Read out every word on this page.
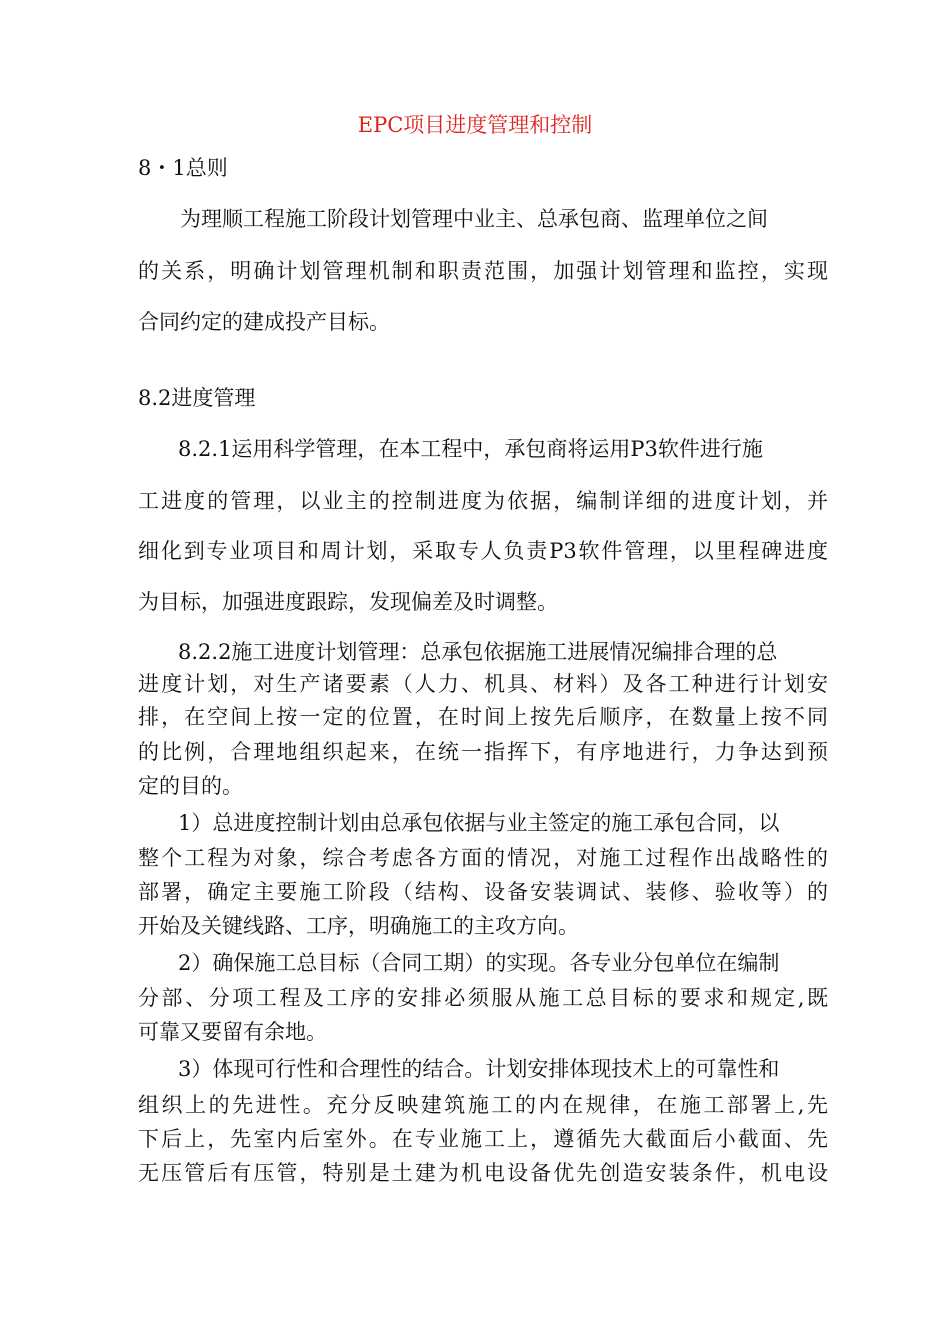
EPC项目进度管理和控制
8・1总则
为理顺工程施工阶段计划管理中业主、总承包商、监理单位之间
的关系，明确计划管理机制和职责范围，加强计划管理和监控，实现
合同约定的建成投产目标。
8.2进度管理
8.2.1运用科学管理，在本工程中，承包商将运用P3软件进行施
工进度的管理，以业主的控制进度为依据，编制详细的进度计划，并
细化到专业项目和周计划，采取专人负责P3软件管理，以里程碑进度
为目标，加强进度跟踪，发现偏差及时调整。
8.2.2施工进度计划管理：总承包依据施工进展情况编排合理的总
进度计划，对生产诸要素（人力、机具、材料）及各工种进行计划安
排，在空间上按一定的位置，在时间上按先后顺序，在数量上按不同
的比例，合理地组织起来，在统一指挥下，有序地进行，力争达到预
定的目的。
1）总进度控制计划由总承包依据与业主签定的施工承包合同，以
整个工程为对象，综合考虑各方面的情况，对施工过程作出战略性的
部署，确定主要施工阶段（结构、设备安装调试、装修、验收等）的
开始及关键线路、工序，明确施工的主攻方向。
2）确保施工总目标（合同工期）的实现。各专业分包单位在编制
分部、分项工程及工序的安排必须服从施工总目标的要求和规定,既
可靠又要留有余地。
3）体现可行性和合理性的结合。计划安排体现技术上的可靠性和
组织上的先进性。充分反映建筑施工的内在规律，在施工部署上,先
下后上，先室内后室外。在专业施工上，遵循先大截面后小截面、先
无压管后有压管，特别是土建为机电设备优先创造安装条件，机电设
